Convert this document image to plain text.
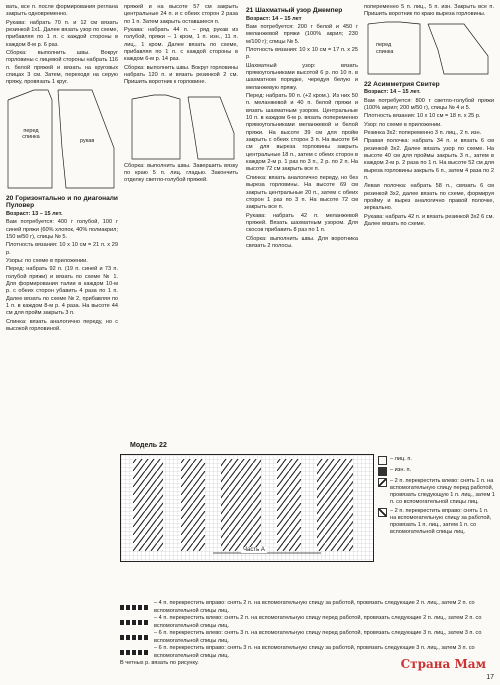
вать, все п. после формирования реглана закрыть одновременно.

Рукава: набрать 70 п. и 12 см вязать резинкой 1х1. Далее вязать узор по схеме, прибавляя по 1 п. с каждой стороны в каждом 8-м р. 6 раз.

Сборка: выполнить швы. Вокруг горловины с лицевой стороны набрать 116 п. белой пряжей и вязать на круговых спицах 3 см. Затем, переходя на серую пряжу, провязать 1 круг.

перед спинка
рукав
20 Горизонтально и по диагонали Пуловер

Возраст: 13 – 15 лет.

Вам потребуется: 400 г голубой, 100 г синей пряжи (60% хлопок, 40% полиакрил; 150 м/50 г), спицы № 5.

Плотность вязания: 10 х 10 см = 21 п. х 29 р.

Узоры: по схеме в приложении.

Перед: набрать 92 п. (19 п. синей и 73 п. голубой пряжи) и вязать по схеме № 1. Для формирования талии в каждом 10-м р. с обеих сторон убавить 4 раза по 1 п. Далее вязать по схеме № 2, прибавляя по 1 п. в каждом 8-м р. 4 раза. На высоте 44 см для пройм закрыть 3 п.

Спинка: вязать аналогично переду, но с высокой горловиной.

пряжей и на высоте 57 см закрыть центральные 24 п. и с обеих сторон 2 раза по 1 п. Затем закрыть оставшиеся п.

Рукава: набрать 44 п. – ряд рукав из голубой, пряжи – 1 кром, 1 п. изн., 11 п. лиц., 1 кром. Далее вязать по схеме, прибавляя по 1 п. с каждой стороны в каждом 6-м р. 14 раз.

Сборка: выполнить швы. Вокруг горловины набрать 120 п. и вязать резинкой 2 см. Пришить воротник к горловине.

Сборка: выполнить швы. Завершить вязку по краю 5 п. лиц. гладью. Закончить отделку светло-голубой пряжей.

21 Шахматный узор Джемпер

Возраст: 14 – 15 лет

Вам потребуется: 200 г белой и 450 г меланжевой пряжи (100% акрил; 230 м/100 г); спицы № 5.

Плотность вязания: 10 х 10 см = 17 п. х 25 р.

Шахматный узор: вязать прямоугольниками высотой 6 р. по 10 п. в шахматном порядке, чередуя белую и меланжевую пряжу.

Перед: набрать 90 п. (+2 кром.). Из них 50 п. меланжевой и 40 п. белой пряжи и вязать шахматным узором. Центральные 10 п. в каждом 6-м р. вязать попеременно прямоугольниками меланжевой и белой пряжи. На высоте 39 см для пройм закрыть с обеих сторон 3 п. На высоте 64 см для выреза горловины закрыть центральные 18 п., затем с обеих сторон в каждом 2-м р. 1 раз по 3 п., 2 р. по 2 п. На высоте 72 см закрыть все п.

Спинка: вязать аналогично переду, но без выреза горловины. На высоте 69 см закрыть центральные 20 п., затем с обеих сторон 1 раз по 3 п. На высоте 72 см закрыть все п.

Рукава: набрать 42 п. меланжевой пряжей. Вязать шахматным узором. Для скосов прибавить 8 раз по 1 п.

Сборка: выполнить швы. Для воротника связать 2 полосы.

попеременно 5 п. лиц., 5 п. изн. Закрыть все п. Пришить воротник по краю выреза горловины.

перед
спинка
22 Асимметрия Свитер

Возраст: 14 – 15 лет.

Вам потребуется: 800 г светло-голубой пряжи (100% акрил; 200 м/50 г), спицы № 4 и 5.

Плотность вязания: 10 х 10 см = 18 п. х 25 р.

Узор: по схеме в приложении.

Резинка 3х2: попеременно 3 п. лиц., 2 п. изн.

Правая полочка: набрать 34 п. и вязать 6 см резинкой 3х2. Далее вязать узор по схеме. На высоте 40 см для проймы закрыть 3 п., затем в каждом 2-м р. 2 раза по 1 п. На высоте 52 см для выреза горловины закрыть 6 п., затем 4 раза по 2 п.

Левая полочка: набрать 58 п., связать 6 см резинкой 3х2, далее вязать по схеме, формируя пройму и вырез аналогично правой полочке, зеркально.

Рукава: набрать 42 п. и вязать резинкой 3х2 6 см. Далее вязать по схеме.

Модель 22
Часть А
– лиц. п.
– изн. п.
– 2 п. перекрестить влево: снять 1 п. на вспомогательную спицу перед работой, провязать следующую 1 п. лиц., затем 1 п. со вспомогательной спицы лиц.
– 2 п. перекрестить вправо: снять 1 п. на вспомогательную спицу за работой, провязать 1 п. лиц., затем 1 п. со вспомогательной спицы лиц.
– 4 п. перекрестить вправо: снять 2 п. на вспомогательную спицу за работой, провязать следующие 2 п. лиц., затем 2 п. со вспомогательной спицы лиц.
– 4 п. перекрестить влево: снять 2 п. на вспомогательную спицу перед работой, провязать следующие 2 п. лиц., затем 2 п. со вспомогательной спицы лиц.
– 6 п. перекрестить влево: снять 3 п. на вспомогательную спицу перед работой, провязать следующие 3 п. лиц., затем 3 п. со вспомогательной спицы лиц.
– 6 п. перекрестить вправо: снять 3 п. на вспомогательную спицу за работой, провязать следующие 3 п. лиц., затем 3 п. со вспомогательной спицы лиц.
В четных р. вязать по рисунку.	Страна Мам
17
